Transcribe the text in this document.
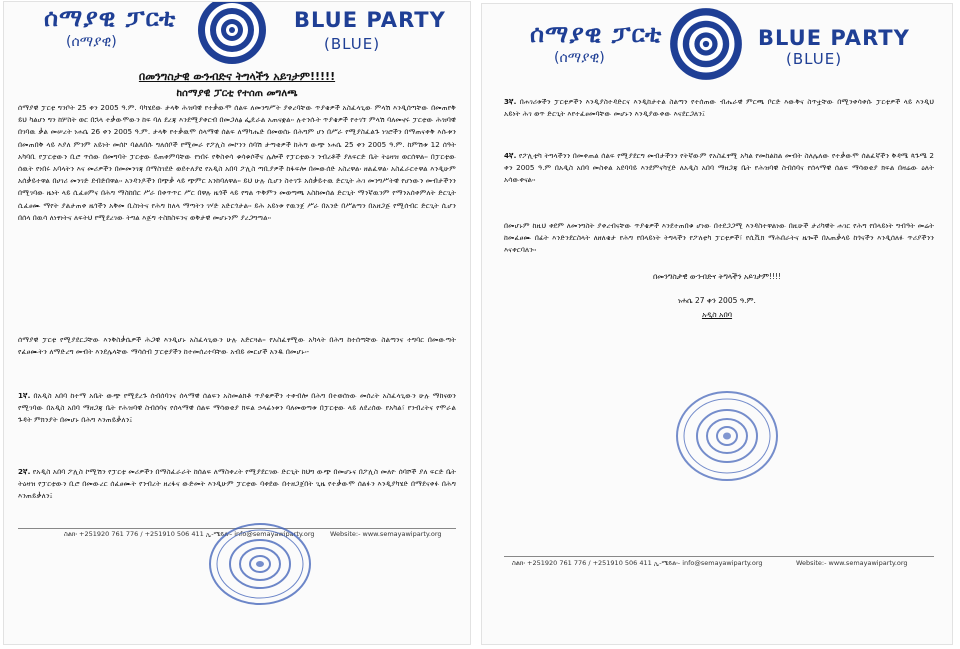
ሰማያዊ ፓርቲ
(ሰማያዊ)
BLUE PARTY
(BLUE)
በመንግስታዊ ውንብድና ትግላችን አይገታም!!!!!
ከሰማያዊ ፓርቲ የተሰጠ መግለጫ

ሰማያዊ ፓርቲ ግንቦት 25 ቀን 2005 ዓ.ም. ባካሄደው ታላቅ ሕዝባዊ የተቃውሞ ሰልፍ ለመንግሥት ያቀረባቸው ጥያቄዎች አስፈላጊው ምላሽ እንዲሰጣቸው በመጠየቅ ይህ ካልሆነ ግን ከሦስት ወር በኋላ ተቃውሞውን ከፍ ባለ ደረጃ እንደሚያቀርብ በመጋለፅ ፌዴራል አጠናቋል፡፡ ሉተንሱት ጥያቄዎች የተገኘ ምላሽ ባለመኖሩ ፓርቲው ሕዝባዊ በገባዉ ቃል መሠረት ነሐሴ 26 ቀን 2005 ዓ.ም. ታላቅ የተቃዉሞ ሰላማዊ ሰልፍ ለማካሔድ በመወሰኑ በሕግም ሆነ በሥራ የሚያስፈልጉ ነገሮችን በማጠናቀቅ እሱቱን በመጠበቅ ላይ እያለ ምንም አይነት መሰኮ ባልለበሱ ግለሰቦች የሚመራ የፖሊስ መኮንን ሰባሽ ታጣቂዎች ከሕግ ውጭ ነሐሴ 25 ቀን 2005 ዓ.ም. ከምሽቱ 12 ሰዓት አካባቢ የፓርቲውን ቢሮ ጥሰው በመግባት ፓርቲው ይጠቀምባቸው የነበሩ የቅስቀሳ ቁሳቁሶችና ሌሎች የፓርቲውን ንብረቶች ያለፍርድ ቤት ትዕዛዝ ወርሰዋል፡፡ በፓርቲው ሰዉት የነበሩ አባላትን እና መሪዎችን በመመንገጃ በማስገደድ ወደተለያዩ የአዲስ አበባ ፖሊስ ጣቢያዎች ከፋፍሎ በመውሰድ አስረዋል፡ ዘልፈዋል፡ አስፈራርተዋል እንዲሁም አሰቃይተዋል በሀገሪ መንገድ ደብድበዋል፡፡ አንዳንዶችን በጭቃ ላይ ጭምር አንከባለዋል፡፡ ይህ ሁሉ ሲሆን ስተገኙ አሰቃይተዉ ድርጊት ሕገ መንግሥትዊ የሆነውን መብታችንን በሚገባው ዜነት ላይ ሲፈፀምና በሕግ ማስከበር ሥራ በቀጥጥር ሥር በዋሉ ዜጎች ላይ የግል ጥቅምን መወጣጫ አስከመሰል ድርጊት ማንኛዉንም የማንአሰቀምለት ድርጊት ሲፈፀሙ ማየት ያልታጠቀ ዜጎችን አቅመ ቢስነትና የሕግ ከለላ ማጣትን ገሃድ አድርጎታል፡፡ ይሕ አይነቱ የዉንጀ ሥራ በአንድ በሥልጣን በአዘጋጅ የሚሰብር ድርጊት ሲሆን በሰላ በዉሳ ለነፃነትና ለፍትህ የሚደረገው ትግል እጅግ ተስክስፍንና ወቅታዊ መሆኑንም ያረጋግጣል፡፡

ሰማያዊ ፓርቲ የሚያደርጋቸው እንቅስቃሴዎች ሕጋዊ እንዲሆኑ አስፈላጊውን ሁሉ አድርጓል፡፡ የአስፈፃሚው አካላት በሕግ ከተሰጣቸው ስልጣንና ተግባር በመውጣት የፈፀሙትን ለማድረግ መብት እንደሌላቸው ማሳሰብ ፓርቲያችን ከተመሰረተባቸው አብይ መርሆች አንዱ በመሆኑ፡-

1ኛ. በአዲስ አበባ ከተማ አቤት ውጭ የሚደረጉ ሰብሰባንና ሰላማዊ ሰልፍን አስመልክቶ ጥያቄዎችን ተቀብሎ በሕግ በተወሰነው መሰረት አስፈላጊውን ሁሉ ማከናወን የሚገባው በአዲስ አበባ ማዘጋጃ ቤት የሕዝባዊ ስብሰባና የሰላማዊ ሰልፍ ማሳወቂያ ክፍል ኃላፊነቱን ባለመወጣቱ በፓርቲው ላይ ለደረሰው የአካል፣ የንብረትና የሞራል ጉዳት ምክንያት በመሆኑ በሕግ እንጠይቃለን፤
2ኛ. የአዲስ አበባ ፖሊስ ኮሚሽን የፓርቲ መሪዎችን በማስፈራራት ከሰልፍ ለማስቀረት የሚያደርገው ድርጊት ከህግ ውጭ በመሆኑና በፖሊስ መለዮ ሰባሾች ያለ ፍርድ ቤት ትዕዛዝ የፓርቲውን ቢሮ በመውረር ሰፈፀሙት የንብረት ዘረፋና ውድመት እንዲሁም ፓርቲው ባቀደው በተዘጋጀበት ጊዜ የተቃውሞ ሰልፉን እንዲያካሄድ በማደናቀፉ በሕግ እንጠይቃለን፤
ስልክ፡ +251920 761 776 / +251910 506 411 ኢ-ሜይል፡- info@semayawiparty.org Website:- www.semayawiparty.org
ሰማያዊ ፓርቲ
(ሰማያዊ)
BLUE PARTY
(BLUE)
3ኛ. በሐገሪቱችን ፓርቲዎችን እንዲያስተዳድርና እንዲከታተል ስልጣን የተሰጠው ብሔራዊ ምርጫ ቦርድ እውቅና ስጥቷቸው በሚንቀሳቀሱ ፓርቲዎች ላይ እንዲህ አይነት ሕገ ወጥ ድርጊት እየተፈፀመባቸው መሆኑን እንዲያውቀው እናደርጋለን፤
4ኛ. የፖሊቲካ ትግላችንን በመቀጠል ሰልፍ የሚያደርግ መብታችንን የትኛውም የአስፈፃሚ አካል የመከልከል መብት ስለሌለው የተቃውሞ ሰልፈኛችን ቅዳሜ ጳጉሜ 2 ቀን 2005 ዓ.ም በአዲስ አበባ መስቀል አደባባይ እንደምናካሂድ ለአዲስ አበባ ማዘጋጃ ቤት የሕዝባዊ ስብሰባና የሰላማዊ ሰልፍ ማሳወቂያ ክፍል በዛሬው ዕለት አሳውቀናል፡፡

በመሆኑም ከዚህ ቀደም ለመንግስት ያቀረብናቸው ጥያቄዎች እንደተጠበቁ ሆነው በተደጋጋሚ እንዳስተዋልነው በዚሁች ታሪካዊት ሐገር የሕግ የበላይነት ግብዓት መሬት ከመፈፀሙ በፊት እንድንደርስላት ለዘለቄታ የሕግ የበላይነት ትግላችን የፖለቲካ ፓርቲዎች፣ የሲቪክ ማሕበራትና ዜጐች በአጠቃላይ ከጎናችን እንዲሰለፉ ጥሪያችንን እናቀርባለን፡፡

በመንግስታዊ ውንብድና ትግላችን አይገታም!!!!
ነሐሴ 27 ቀን 2005 ዓ.ም.
አዲስ አበባ
ስልክ፡ +251920 761 776 / +251910 506 411 ኢ-ሜይል፡- info@semayawiparty.org	Website:- www.semayawiparty.org
